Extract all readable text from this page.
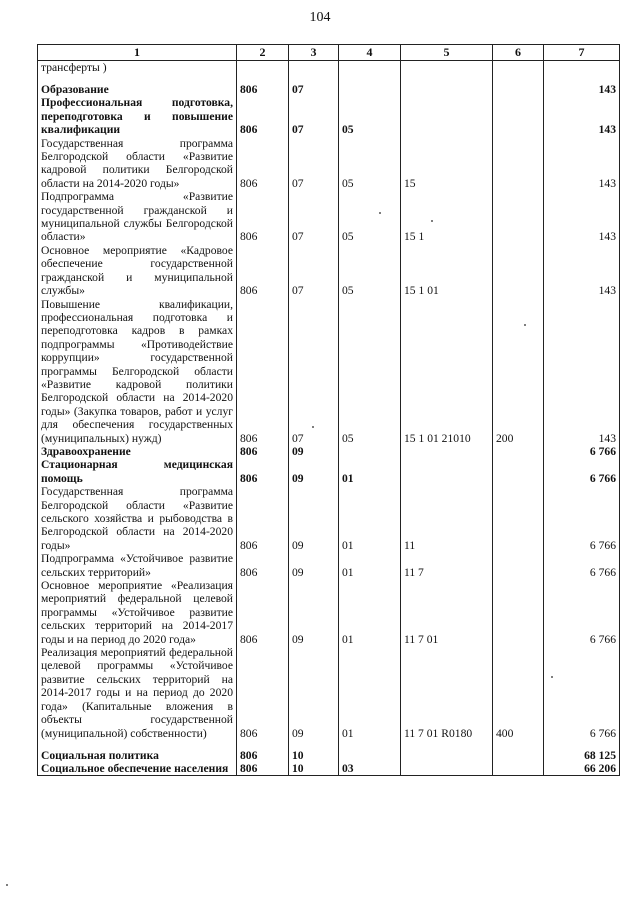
104
1	2	3	4	5	6	7
трансферты )						
Образование	806	07				143
Профессиональная подготовка, переподготовка и повышение квалификации	806	07	05			143
Государственная программа Белгородской области «Развитие кадровой политики Белгородской области на 2014-2020 годы»	806	07	05	15		143
Подпрограмма «Развитие государственной гражданской и муниципальной службы Белгородской области»	806	07	05	15 1		143
Основное мероприятие «Кадровое обеспечение государственной гражданской и муниципальной службы»	806	07	05	15 1 01		143
Повышение квалификации, профессиональная подготовка и переподготовка кадров в рамках подпрограммы «Противодействие коррупции» государственной программы Белгородской области «Развитие кадровой политики Белгородской области на 2014-2020 годы» (Закупка товаров, работ и услуг для обеспечения государственных (муниципальных) нужд)	806	07	05	15 1 01 21010	200	143
Здравоохранение	806	09				6 766
Стационарная медицинская помощь	806	09	01			6 766
Государственная программа Белгородской области «Развитие сельского хозяйства и рыбоводства в Белгородской области на 2014-2020 годы»	806	09	01	11		6 766
Подпрограмма «Устойчивое развитие сельских территорий»	806	09	01	11 7		6 766
Основное мероприятие «Реализация мероприятий федеральной целевой программы «Устойчивое развитие сельских территорий на 2014-2017 годы и на период до 2020 года»	806	09	01	11 7 01		6 766
Реализация мероприятий федеральной целевой программы «Устойчивое развитие сельских территорий на 2014-2017 годы и на период до 2020 года» (Капитальные вложения в объекты государственной (муниципальной) собственности)	806	09	01	11 7 01 R0180	400	6 766
Социальная политика	806	10				68 125
Социальное обеспечение населения	806	10	03			66 206
